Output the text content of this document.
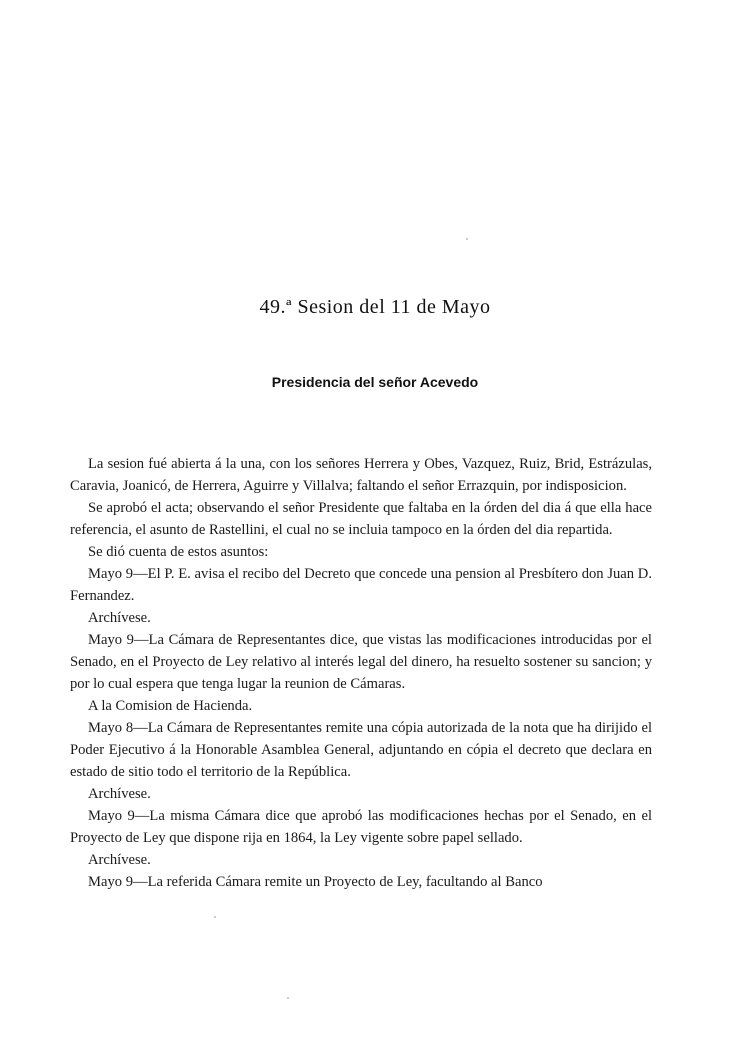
49.ª Sesion del 11 de Mayo
Presidencia del señor Acevedo

La sesion fué abierta á la una, con los señores Herrera y Obes, Vazquez, Ruiz, Brid, Estrázulas, Caravia, Joanicó, de Herrera, Aguirre y Villalva; faltando el señor Errazquin, por indisposicion.

Se aprobó el acta; observando el señor Presidente que faltaba en la órden del dia á que ella hace referencia, el asunto de Rastellini, el cual no se incluia tampoco en la órden del dia repartida.

Se dió cuenta de estos asuntos:

Mayo 9—El P. E. avisa el recibo del Decreto que concede una pension al Presbítero don Juan D. Fernandez.

Archívese.

Mayo 9—La Cámara de Representantes dice, que vistas las modificaciones introducidas por el Senado, en el Proyecto de Ley relativo al interés legal del dinero, ha resuelto sostener su sancion; y por lo cual espera que tenga lugar la reunion de Cámaras.

A la Comision de Hacienda.

Mayo 8—La Cámara de Representantes remite una cópia autorizada de la nota que ha dirijido el Poder Ejecutivo á la Honorable Asamblea General, adjuntando en cópia el decreto que declara en estado de sitio todo el territorio de la República.

Archívese.

Mayo 9—La misma Cámara dice que aprobó las modificaciones hechas por el Senado, en el Proyecto de Ley que dispone rija en 1864, la Ley vigente sobre papel sellado.

Archívese.

Mayo 9—La referida Cámara remite un Proyecto de Ley, facultando al Banco
